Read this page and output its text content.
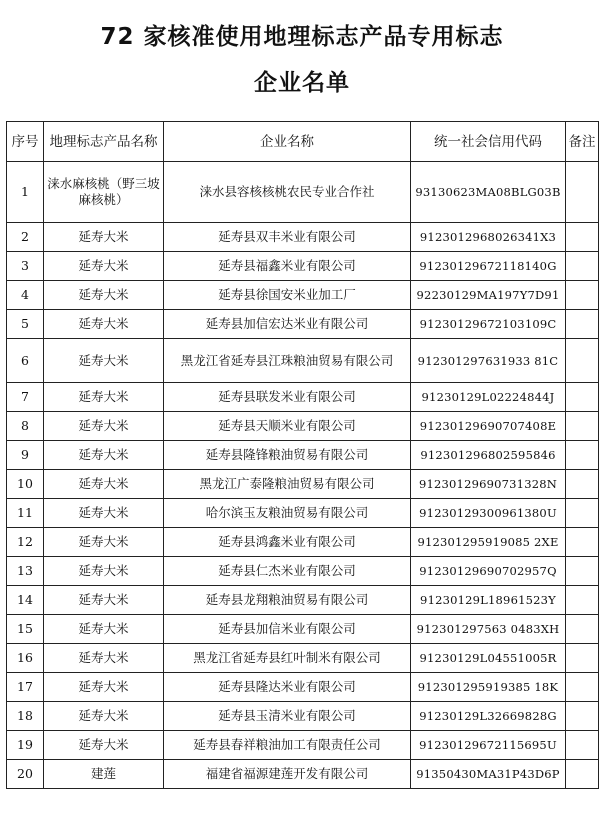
72 家核准使用地理标志产品专用标志
企业名单
序号	地理标志产品名称	企业名称	统一社会信用代码	备注
1	涞水麻核桃（野三坡麻核桃）	涞水县容核核桃农民专业合作社	93130623MA08BLG03B	
2	延寿大米	延寿县双丰米业有限公司	9123012968026341X3	
3	延寿大米	延寿县福鑫米业有限公司	91230129672118140G	
4	延寿大米	延寿县徐国安米业加工厂	92230129MA197Y7D91	
5	延寿大米	延寿县加信宏达米业有限公司	91230129672103109C	
6	延寿大米	黑龙江省延寿县江珠粮油贸易有限公司	912301297631933 81C	
7	延寿大米	延寿县联发米业有限公司	91230129L02224844J	
8	延寿大米	延寿县天顺米业有限公司	91230129690707408E	
9	延寿大米	延寿县隆锋粮油贸易有限公司	912301296802595846	
10	延寿大米	黑龙江广泰隆粮油贸易有限公司	91230129690731328N	
11	延寿大米	哈尔滨玉友粮油贸易有限公司	91230129300961380U	
12	延寿大米	延寿县鸿鑫米业有限公司	912301295919085 2XE	
13	延寿大米	延寿县仁杰米业有限公司	91230129690702957Q	
14	延寿大米	延寿县龙翔粮油贸易有限公司	91230129L18961523Y	
15	延寿大米	延寿县加信米业有限公司	912301297563 0483XH	
16	延寿大米	黑龙江省延寿县红叶制米有限公司	91230129L04551005R	
17	延寿大米	延寿县隆达米业有限公司	912301295919385 18K	
18	延寿大米	延寿县玉清米业有限公司	91230129L32669828G	
19	延寿大米	延寿县春祥粮油加工有限责任公司	91230129672115695U	
20	建莲	福建省福源建莲开发有限公司	91350430MA31P43D6P	
